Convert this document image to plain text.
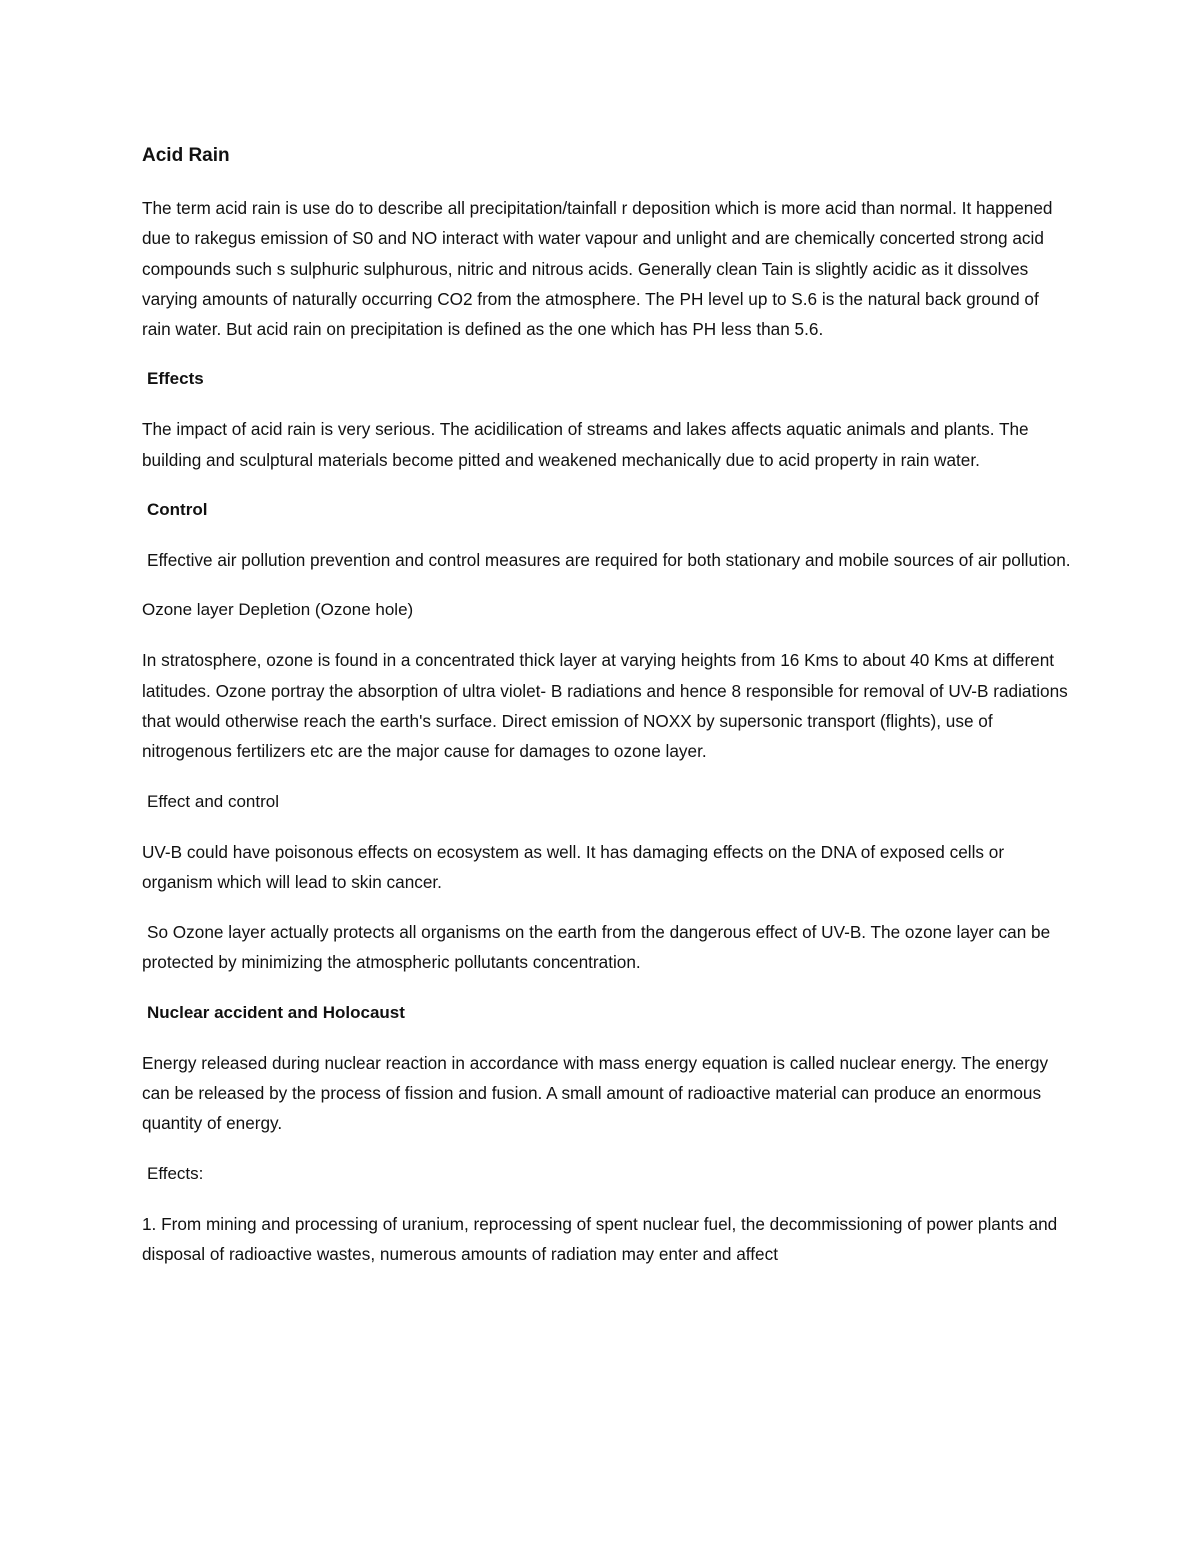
Acid Rain

The term acid rain is use do to describe all precipitation/tainfall r deposition which is more acid than normal. It happened due to rakegus emission of S0 and NO interact with water vapour and unlight and are chemically concerted strong acid compounds such s sulphuric sulphurous, nitric and nitrous acids. Generally clean Tain is slightly acidic as it dissolves varying amounts of naturally occurring CO2 from the atmosphere. The PH level up to S.6 is the natural back ground of rain water. But acid rain on precipitation is defined as the one which has PH less than 5.6.

Effects

The impact of acid rain is very serious. The acidilication of streams and lakes affects aquatic animals and plants. The building and sculptural materials become pitted and weakened mechanically due to acid property in rain water.

Control

Effective air pollution prevention and control measures are required for both stationary and mobile sources of air pollution.

Ozone layer Depletion (Ozone hole)

In stratosphere, ozone is found in a concentrated thick layer at varying heights from 16 Kms to about 40 Kms at different latitudes. Ozone portray the absorption of ultra violet- B radiations and hence 8 responsible for removal of UV-B radiations that would otherwise reach the earth's surface. Direct emission of NOXX by supersonic transport (flights), use of nitrogenous fertilizers etc are the major cause for damages to ozone layer.

Effect and control

UV-B could have poisonous effects on ecosystem as well. It has damaging effects on the DNA of exposed cells or organism which will lead to skin cancer.

So Ozone layer actually protects all organisms on the earth from the dangerous effect of UV-B. The ozone layer can be protected by minimizing the atmospheric pollutants concentration.

Nuclear accident and Holocaust

Energy released during nuclear reaction in accordance with mass energy equation is called nuclear energy. The energy can be released by the process of fission and fusion. A small amount of radioactive material can produce an enormous quantity of energy.

Effects:

1. From mining and processing of uranium, reprocessing of spent nuclear fuel, the decommissioning of power plants and disposal of radioactive wastes, numerous amounts of radiation may enter and affect
